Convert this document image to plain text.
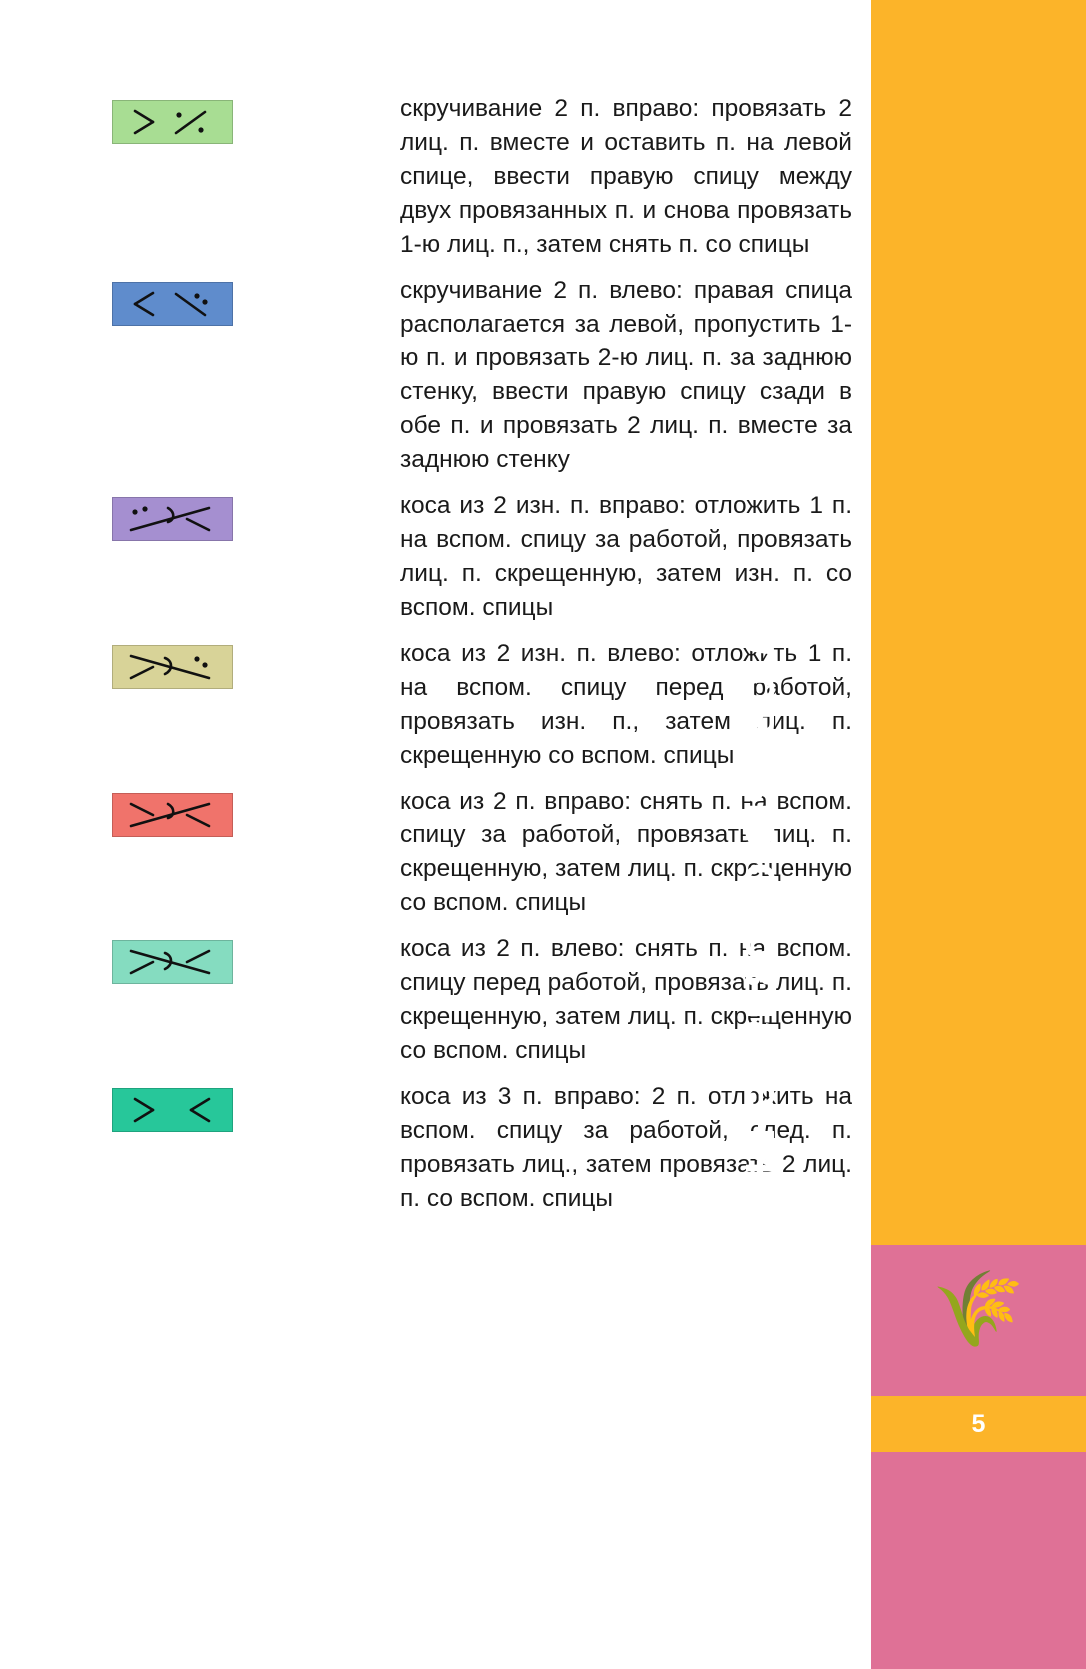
скручивание 2 п. вправо: провязать 2 лиц. п. вместе и оставить п. на левой спице, ввести правую спицу между двух провязанных п. и снова провязать 1-ю лиц. п., затем снять п. со спицы
скручивание 2 п. влево: правая спица располагается за левой, пропустить 1-ю п. и провязать 2-ю лиц. п. за заднюю стенку, ввести правую спицу сзади в обе п. и провязать 2 лиц. п. вместе за заднюю стенку
коса из 2 изн. п. вправо: отложить 1 п. на вспом. спицу за работой, провязать лиц. п. скрещенную, затем изн. п. со вспом. спицы
коса из 2 изн. п. влево: отложить 1 п. на вспом. спицу перед работой, провязать изн. п., затем лиц. п. скрещенную со вспом. спицы
коса из 2 п. вправо: снять п. на вспом. спицу за работой, провязать лиц. п. скрещенную, затем лиц. п. скрещенную со вспом. спицы
коса из 2 п. влево: снять п. на вспом. спицу перед работой, провязать лиц. п. скрещенную, затем лиц. п. скрещенную со вспом. спицы
коса из 3 п. вправо: 2 п. отложить на вспом. спицу за работой, след. п. провязать лиц., затем провязать 2 лиц. п. со вспом. спицы	Условные обозначения
🌾
5
